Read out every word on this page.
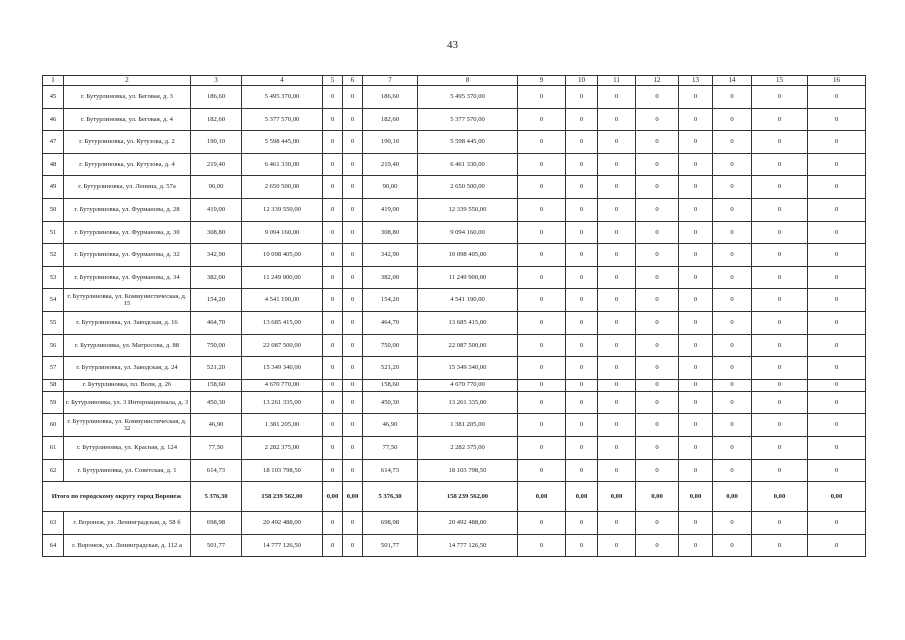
43
1	2	3	4	5	6	7	8	9	10	11	12	13	14	15	16
45	г. Бутурлиновка, ул. Беговая, д. 3	186,60	5 495 370,00	0	0	186,60	5 495 370,00	0	0	0	0	0	0	0	0
46	г. Бутурлиновка, ул. Беговая, д. 4	182,60	5 377 570,00	0	0	182,60	5 377 570,00	0	0	0	0	0	0	0	0
47	г. Бутурлиновка, ул. Кутузова, д. 2	190,10	5 598 445,00	0	0	190,10	5 598 445,00	0	0	0	0	0	0	0	0
48	г. Бутурлиновка, ул. Кутузова, д. 4	219,40	6 461 330,00	0	0	219,40	6 461 330,00	0	0	0	0	0	0	0	0
49	г. Бутурлиновка, ул. Ленина, д. 57а	90,00	2 650 500,00	0	0	90,00	2 650 500,00	0	0	0	0	0	0	0	0
50	г. Бутурлиновка, ул. Фурманова, д. 28	419,00	12 339 550,00	0	0	419,00	12 339 550,00	0	0	0	0	0	0	0	0
51	г. Бутурлиновка, ул. Фурманова, д. 30	308,80	9 094 160,00	0	0	308,80	9 094 160,00	0	0	0	0	0	0	0	0
52	г. Бутурлиновка, ул. Фурманова, д. 32	342,90	10 098 405,00	0	0	342,90	10 098 405,00	0	0	0	0	0	0	0	0
53	г. Бутурлиновка, ул. Фурманова, д. 34	382,00	11 249 900,00	0	0	382,00	11 249 900,00	0	0	0	0	0	0	0	0
54	г. Бутурлиновка, ул. Коммунистическая, д. 15	154,20	4 541 190,00	0	0	154,20	4 541 190,00	0	0	0	0	0	0	0	0
55	г. Бутурлиновка, ул. Заводская, д. 16	464,70	13 685 415,00	0	0	464,70	13 685 415,00	0	0	0	0	0	0	0	0
56	г. Бутурлиновка, ул. Матросова, д. 88	750,00	22 087 500,00	0	0	750,00	22 087 500,00	0	0	0	0	0	0	0	0
57	г. Бутурлиновка, ул. Заводская, д. 24	521,20	15 349 340,00	0	0	521,20	15 349 340,00	0	0	0	0	0	0	0	0
58	г. Бутурлиновка, пл. Воли, д. 26	158,60	4 670 770,00	0	0	158,60	4 670 770,00	0	0	0	0	0	0	0	0
59	г. Бутурлиновка, ул. 3 Интернационала, д. 3	450,30	13 261 335,00	0	0	450,30	13 261 335,00	0	0	0	0	0	0	0	0
60	г. Бутурлиновка, ул. Коммунистическая, д. 32	46,90	1 381 205,00	0	0	46,90	1 381 205,00	0	0	0	0	0	0	0	0
61	г. Бутурлиновка, ул. Красная, д. 124	77,50	2 282 375,00	0	0	77,50	2 282 375,00	0	0	0	0	0	0	0	0
62	г. Бутурлиновка, ул. Советская, д. 1	614,73	18 103 798,50	0	0	614,73	18 103 798,50	0	0	0	0	0	0	0	0
Итого по городскому округу город Воронеж		5 376,30	158 239 562,00	0,00	0,00	5 376,30	158 239 562,00	0,00	0,00	0,00	0,00	0,00	0,00	0,00	0,00
63	г. Воронеж, ул. Ленинградская, д. 58 б	698,98	20 492 488,00	0	0	698,98	20 492 488,00	0	0	0	0	0	0	0	0
64	г. Воронеж, ул. Ленинградская, д. 112 а	501,77	14 777 126,50	0	0	501,77	14 777 126,50	0	0	0	0	0	0	0	0
